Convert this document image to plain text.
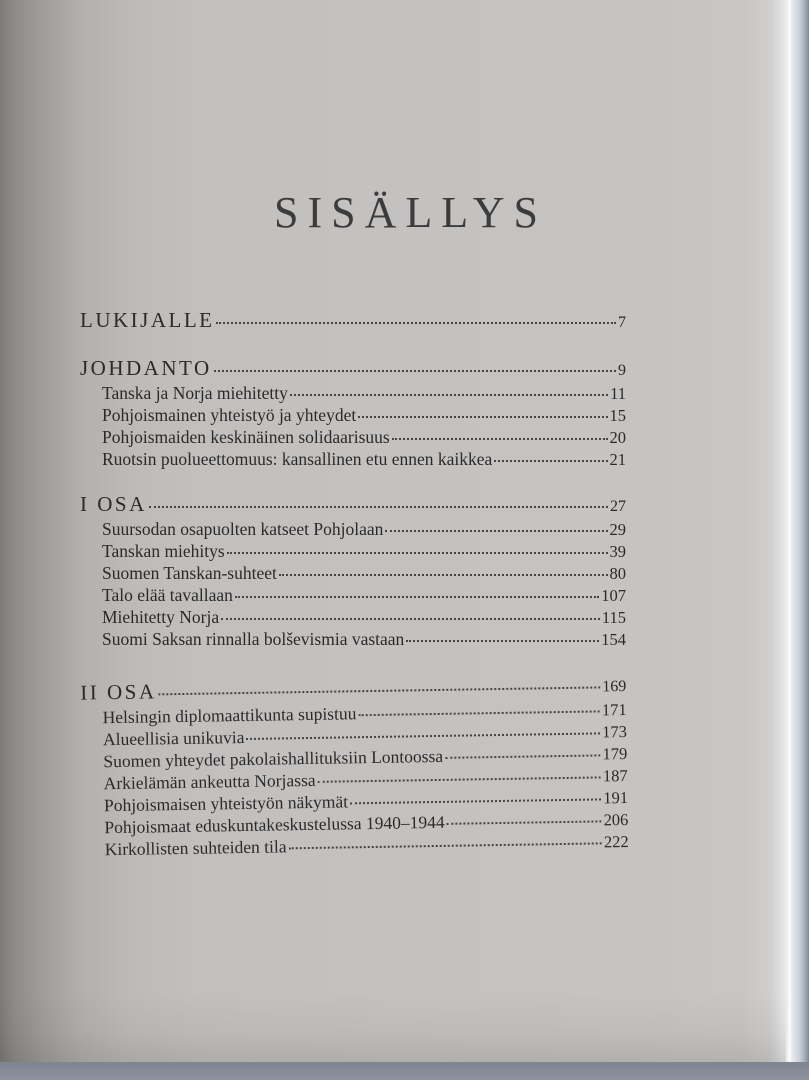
SISÄLLYS
LUKIJALLE	7
JOHDANTO	9
Tanska ja Norja miehitetty	11
Pohjoismainen yhteistyö ja yhteydet	15
Pohjoismaiden keskinäinen solidaarisuus	20
Ruotsin puolueettomuus: kansallinen etu ennen kaikkea	21
I OSA	27
Suursodan osapuolten katseet Pohjolaan	29
Tanskan miehitys	39
Suomen Tanskan-suhteet	80
Talo elää tavallaan	107
Miehitetty Norja	115
Suomi Saksan rinnalla bolševismia vastaan	154
II OSA	169
Helsingin diplomaattikunta supistuu	171
Alueellisia unikuvia	173
Suomen yhteydet pakolaishallituksiin Lontoossa	179
Arkielämän ankeutta Norjassa	187
Pohjoismaisen yhteistyön näkymät	191
Pohjoismaat eduskuntakeskustelussa 1940–1944	206
Kirkollisten suhteiden tila	222
